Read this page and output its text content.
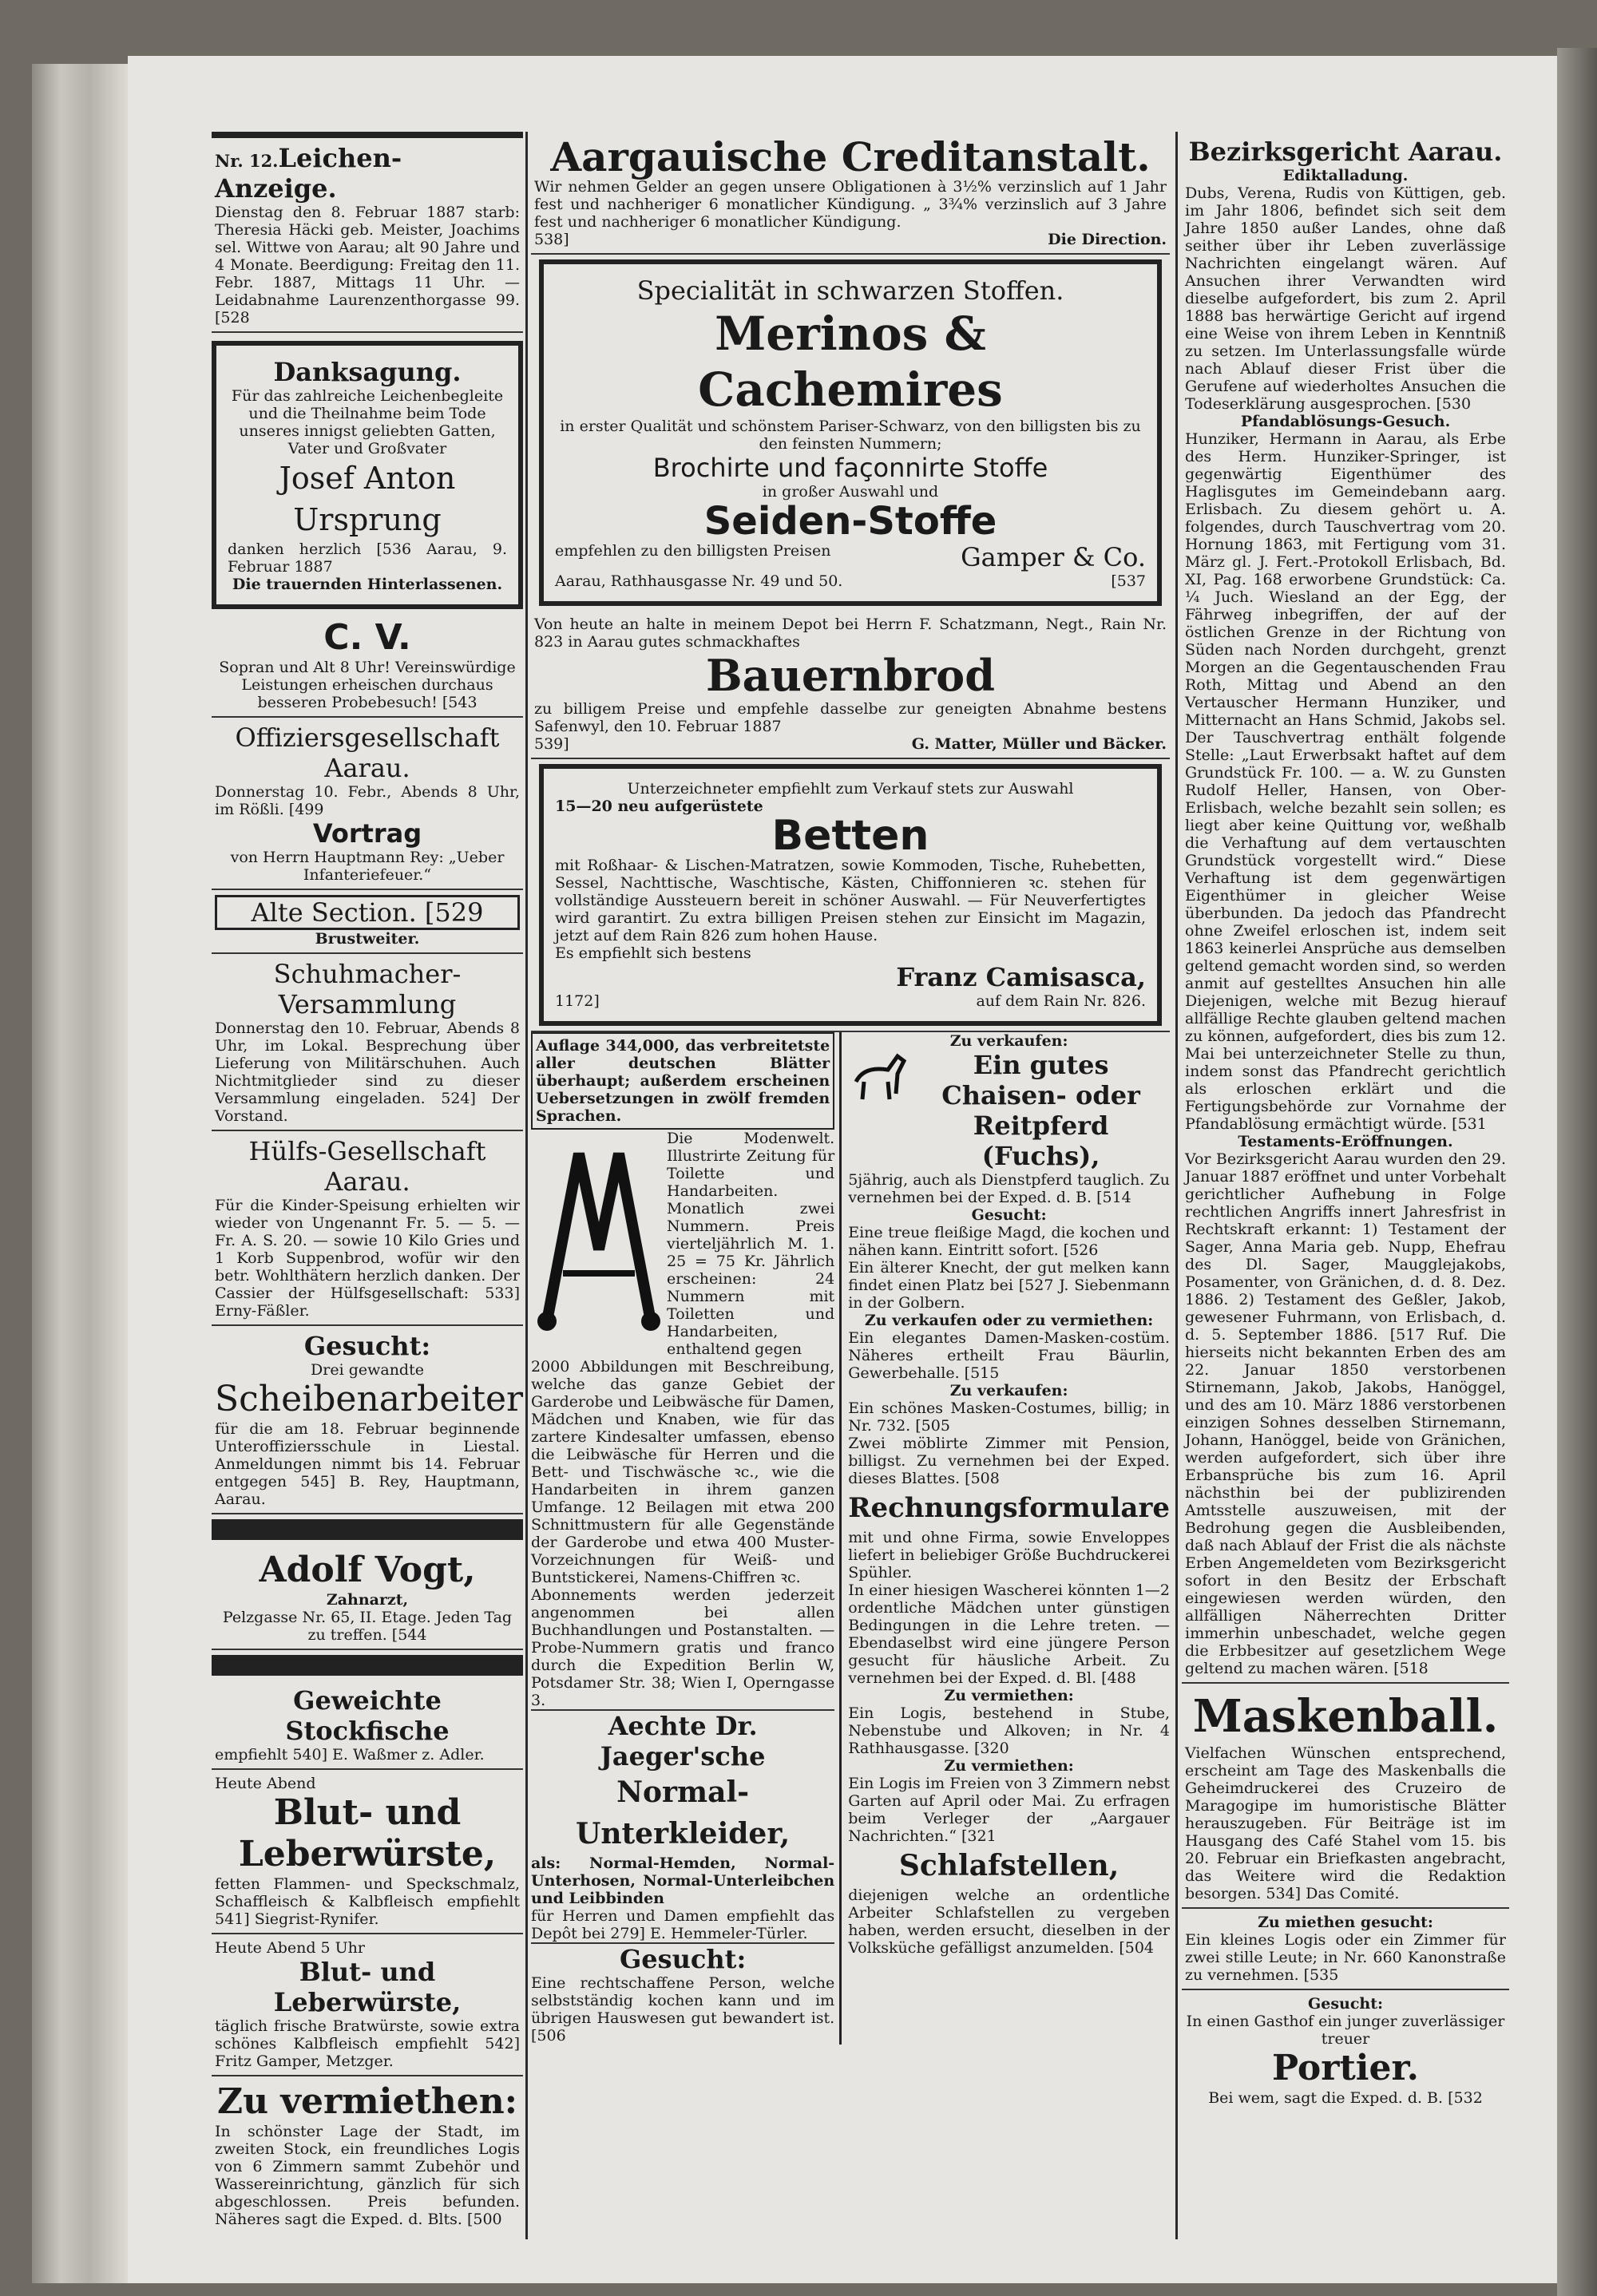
Nr. 12.Leichen-Anzeige.
Dienstag den 8. Februar 1887 starb: Theresia Häcki geb. Meister, Joachims sel. Wittwe von Aarau; alt 90 Jahre und 4 Monate. Beerdigung: Freitag den 11. Febr. 1887, Mittags 11 Uhr. — Leidabnahme Laurenzenthorgasse 99. [528
Danksagung.
Für das zahlreiche Leichenbegleite und die Theilnahme beim Tode unseres innigst geliebten Gatten, Vater und Großvater
Josef Anton Ursprung
danken herzlich [536 Aarau, 9. Februar 1887
Die trauernden Hinterlassenen.
C. V.
Sopran und Alt 8 Uhr! Vereinswürdige Leistungen erheischen durchaus besseren Probebesuch! [543
Offiziersgesellschaft Aarau.
Donnerstag 10. Febr., Abends 8 Uhr, im Rößli. [499
Vortrag
von Herrn Hauptmann Rey: „Ueber Infanteriefeuer.“
Alte Section. [529
Brustweiter.
Schuhmacher-Versammlung
Donnerstag den 10. Februar, Abends 8 Uhr, im Lokal. Besprechung über Lieferung von Militärschuhen. Auch Nichtmitglieder sind zu dieser Versammlung eingeladen. 524] Der Vorstand.
Hülfs-Gesellschaft Aarau.
Für die Kinder-Speisung erhielten wir wieder von Ungenannt Fr. 5. — 5. — Fr. A. S. 20. — sowie 10 Kilo Gries und 1 Korb Suppenbrod, wofür wir den betr. Wohlthätern herzlich danken. Der Cassier der Hülfsgesellschaft: 533] Erny-Fäßler.
Gesucht:
Drei gewandte
Scheibenarbeiter
für die am 18. Februar beginnende Unteroffiziersschule in Liestal. Anmeldungen nimmt bis 14. Februar entgegen 545] B. Rey, Hauptmann, Aarau.
Adolf Vogt,
Zahnarzt,
Pelzgasse Nr. 65, II. Etage. Jeden Tag zu treffen. [544
Geweichte Stockfische
empfiehlt 540] E. Waßmer z. Adler.
Heute Abend
Blut- und Leberwürste,
fetten Flammen- und Speckschmalz, Schaffleisch & Kalbfleisch empfiehlt 541] Siegrist-Rynifer.
Heute Abend 5 Uhr
Blut- und Leberwürste,
täglich frische Bratwürste, sowie extra schönes Kalbfleisch empfiehlt 542] Fritz Gamper, Metzger.
Zu vermiethen:
In schönster Lage der Stadt, im zweiten Stock, ein freundliches Logis von 6 Zimmern sammt Zubehör und Wassereinrichtung, gänzlich für sich abgeschlossen. Preis befunden. Näheres sagt die Exped. d. Blts. [500
Aargauische Creditanstalt.
Wir nehmen Gelder an gegen unsere Obligationen à 3½% verzinslich auf 1 Jahr fest und nachheriger 6 monatlicher Kündigung. „ 3¾% verzinslich auf 3 Jahre fest und nachheriger 6 monatlicher Kündigung.
538]	Die Direction.
Specialität in schwarzen Stoffen.
Merinos & Cachemires
in erster Qualität und schönstem Pariser-Schwarz, von den billigsten bis zu den feinsten Nummern;
Brochirte und façonnirte Stoffe
in großer Auswahl und
Seiden-Stoffe
empfehlen zu den billigsten Preisen	Gamper & Co.
Aarau, Rathhausgasse Nr. 49 und 50.	[537
Von heute an halte in meinem Depot bei Herrn F. Schatzmann, Negt., Rain Nr. 823 in Aarau gutes schmackhaftes
Bauernbrod
zu billigem Preise und empfehle dasselbe zur geneigten Abnahme bestens Safenwyl, den 10. Februar 1887
539]	G. Matter, Müller und Bäcker.
Unterzeichneter empfiehlt zum Verkauf stets zur Auswahl
15—20 neu aufgerüstete
Betten
mit Roßhaar- & Lischen-Matratzen, sowie Kommoden, Tische, Ruhebetten, Sessel, Nachttische, Waschtische, Kästen, Chiffonnieren ꝛc. stehen für vollständige Aussteuern bereit in schöner Auswahl. — Für Neuverfertigtes wird garantirt. Zu extra billigen Preisen stehen zur Einsicht im Magazin, jetzt auf dem Rain 826 zum hohen Hause.
Es empfiehlt sich bestens
Franz Camisasca,
1172]	auf dem Rain Nr. 826.
Auflage 344,000, das verbreitetste aller deutschen Blätter überhaupt; außerdem erscheinen Uebersetzungen in zwölf fremden Sprachen.
Die Modenwelt. Illustrirte Zeitung für Toilette und Handarbeiten. Monatlich zwei Nummern. Preis vierteljährlich M. 1. 25 = 75 Kr. Jährlich erscheinen: 24 Nummern mit Toiletten und Handarbeiten, enthaltend gegen
2000 Abbildungen mit Beschreibung, welche das ganze Gebiet der Garderobe und Leibwäsche für Damen, Mädchen und Knaben, wie für das zartere Kindesalter umfassen, ebenso die Leibwäsche für Herren und die Bett- und Tischwäsche ꝛc., wie die Handarbeiten in ihrem ganzen Umfange. 12 Beilagen mit etwa 200 Schnittmustern für alle Gegenstände der Garderobe und etwa 400 Muster-Vorzeichnungen für Weiß- und Buntstickerei, Namens-Chiffren ꝛc.
Abonnements werden jederzeit angenommen bei allen Buchhandlungen und Postanstalten. — Probe-Nummern gratis und franco durch die Expedition Berlin W, Potsdamer Str. 38; Wien I, Operngasse 3.
Aechte Dr. Jaeger'sche
Normal-Unterkleider,
als: Normal-Hemden, Normal-Unterhosen, Normal-Unterleibchen und Leibbinden
für Herren und Damen empfiehlt das Depôt bei 279] E. Hemmeler-Türler.
Gesucht:
Eine rechtschaffene Person, welche selbstständig kochen kann und im übrigen Hauswesen gut bewandert ist. [506
Zu verkaufen:
Ein gutes Chaisen- oder Reitpferd (Fuchs),
5jährig, auch als Dienstpferd tauglich. Zu vernehmen bei der Exped. d. B. [514
Gesucht:
Eine treue fleißige Magd, die kochen und nähen kann. Eintritt sofort. [526
Ein älterer Knecht, der gut melken kann findet einen Platz bei [527 J. Siebenmann in der Golbern.
Zu verkaufen oder zu vermiethen:
Ein elegantes Damen-Masken-costüm. Näheres ertheilt Frau Bäurlin, Gewerbehalle. [515
Zu verkaufen:
Ein schönes Masken-Costumes, billig; in Nr. 732. [505
Zwei möblirte Zimmer mit Pension, billigst. Zu vernehmen bei der Exped. dieses Blattes. [508
Rechnungsformulare
mit und ohne Firma, sowie Enveloppes liefert in beliebiger Größe Buchdruckerei Spühler.
In einer hiesigen Wascherei könnten 1—2 ordentliche Mädchen unter günstigen Bedingungen in die Lehre treten. — Ebendaselbst wird eine jüngere Person gesucht für häusliche Arbeit. Zu vernehmen bei der Exped. d. Bl. [488
Zu vermiethen:
Ein Logis, bestehend in Stube, Nebenstube und Alkoven; in Nr. 4 Rathhausgasse. [320
Zu vermiethen:
Ein Logis im Freien von 3 Zimmern nebst Garten auf April oder Mai. Zu erfragen beim Verleger der „Aargauer Nachrichten.“ [321
Schlafstellen,
diejenigen welche an ordentliche Arbeiter Schlafstellen zu vergeben haben, werden ersucht, dieselben in der Volksküche gefälligst anzumelden. [504
Bezirksgericht Aarau.
Ediktalladung.
Dubs, Verena, Rudis von Küttigen, geb. im Jahr 1806, befindet sich seit dem Jahre 1850 außer Landes, ohne daß seither über ihr Leben zuverlässige Nachrichten eingelangt wären. Auf Ansuchen ihrer Verwandten wird dieselbe aufgefordert, bis zum 2. April 1888 bas herwärtige Gericht auf irgend eine Weise von ihrem Leben in Kenntniß zu setzen. Im Unterlassungsfalle würde nach Ablauf dieser Frist über die Gerufene auf wiederholtes Ansuchen die Todeserklärung ausgesprochen. [530
Pfandablösungs-Gesuch.
Hunziker, Hermann in Aarau, als Erbe des Herm. Hunziker-Springer, ist gegenwärtig Eigenthümer des Haglisgutes im Gemeindebann aarg. Erlisbach. Zu diesem gehört u. A. folgendes, durch Tauschvertrag vom 20. Hornung 1863, mit Fertigung vom 31. März gl. J. Fert.-Protokoll Erlisbach, Bd. XI, Pag. 168 erworbene Grundstück: Ca. ¼ Juch. Wiesland an der Egg, der Fährweg inbegriffen, der auf der östlichen Grenze in der Richtung von Süden nach Norden durchgeht, grenzt Morgen an die Gegentauschenden Frau Roth, Mittag und Abend an den Vertauscher Hermann Hunziker, und Mitternacht an Hans Schmid, Jakobs sel. Der Tauschvertrag enthält folgende Stelle: „Laut Erwerbsakt haftet auf dem Grundstück Fr. 100. — a. W. zu Gunsten Rudolf Heller, Hansen, von Ober-Erlisbach, welche bezahlt sein sollen; es liegt aber keine Quittung vor, weßhalb die Verhaftung auf dem vertauschten Grundstück vorgestellt wird.“ Diese Verhaftung ist dem gegenwärtigen Eigenthümer in gleicher Weise überbunden. Da jedoch das Pfandrecht ohne Zweifel erloschen ist, indem seit 1863 keinerlei Ansprüche aus demselben geltend gemacht worden sind, so werden anmit auf gestelltes Ansuchen hin alle Diejenigen, welche mit Bezug hierauf allfällige Rechte glauben geltend machen zu können, aufgefordert, dies bis zum 12. Mai bei unterzeichneter Stelle zu thun, indem sonst das Pfandrecht gerichtlich als erloschen erklärt und die Fertigungsbehörde zur Vornahme der Pfandablösung ermächtigt würde. [531
Testaments-Eröffnungen.
Vor Bezirksgericht Aarau wurden den 29. Januar 1887 eröffnet und unter Vorbehalt gerichtlicher Aufhebung in Folge rechtlichen Angriffs innert Jahresfrist in Rechtskraft erkannt: 1) Testament der Sager, Anna Maria geb. Nupp, Ehefrau des Dl. Sager, Maugglejakobs, Posamenter, von Gränichen, d. d. 8. Dez. 1886. 2) Testament des Geßler, Jakob, gewesener Fuhrmann, von Erlisbach, d. d. 5. September 1886. [517 Ruf. Die hierseits nicht bekannten Erben des am 22. Januar 1850 verstorbenen Stirnemann, Jakob, Jakobs, Hanöggel, und des am 10. März 1886 verstorbenen einzigen Sohnes desselben Stirnemann, Johann, Hanöggel, beide von Gränichen, werden aufgefordert, sich über ihre Erbansprüche bis zum 16. April nächsthin bei der publizirenden Amtsstelle auszuweisen, mit der Bedrohung gegen die Ausbleibenden, daß nach Ablauf der Frist die als nächste Erben Angemeldeten vom Bezirksgericht sofort in den Besitz der Erbschaft eingewiesen werden würden, den allfälligen Näherrechten Dritter immerhin unbeschadet, welche gegen die Erbbesitzer auf gesetzlichem Wege geltend zu machen wären. [518
Maskenball.
Vielfachen Wünschen entsprechend, erscheint am Tage des Maskenballs die Geheimdruckerei des Cruzeiro de Maragogipe im humoristische Blätter herauszugeben. Für Beiträge ist im Hausgang des Café Stahel vom 15. bis 20. Februar ein Briefkasten angebracht, das Weitere wird die Redaktion besorgen. 534] Das Comité.
Zu miethen gesucht:
Ein kleines Logis oder ein Zimmer für zwei stille Leute; in Nr. 660 Kanonstraße zu vernehmen. [535
Gesucht:
In einen Gasthof ein junger zuverlässiger treuer
Portier.
Bei wem, sagt die Exped. d. B. [532
